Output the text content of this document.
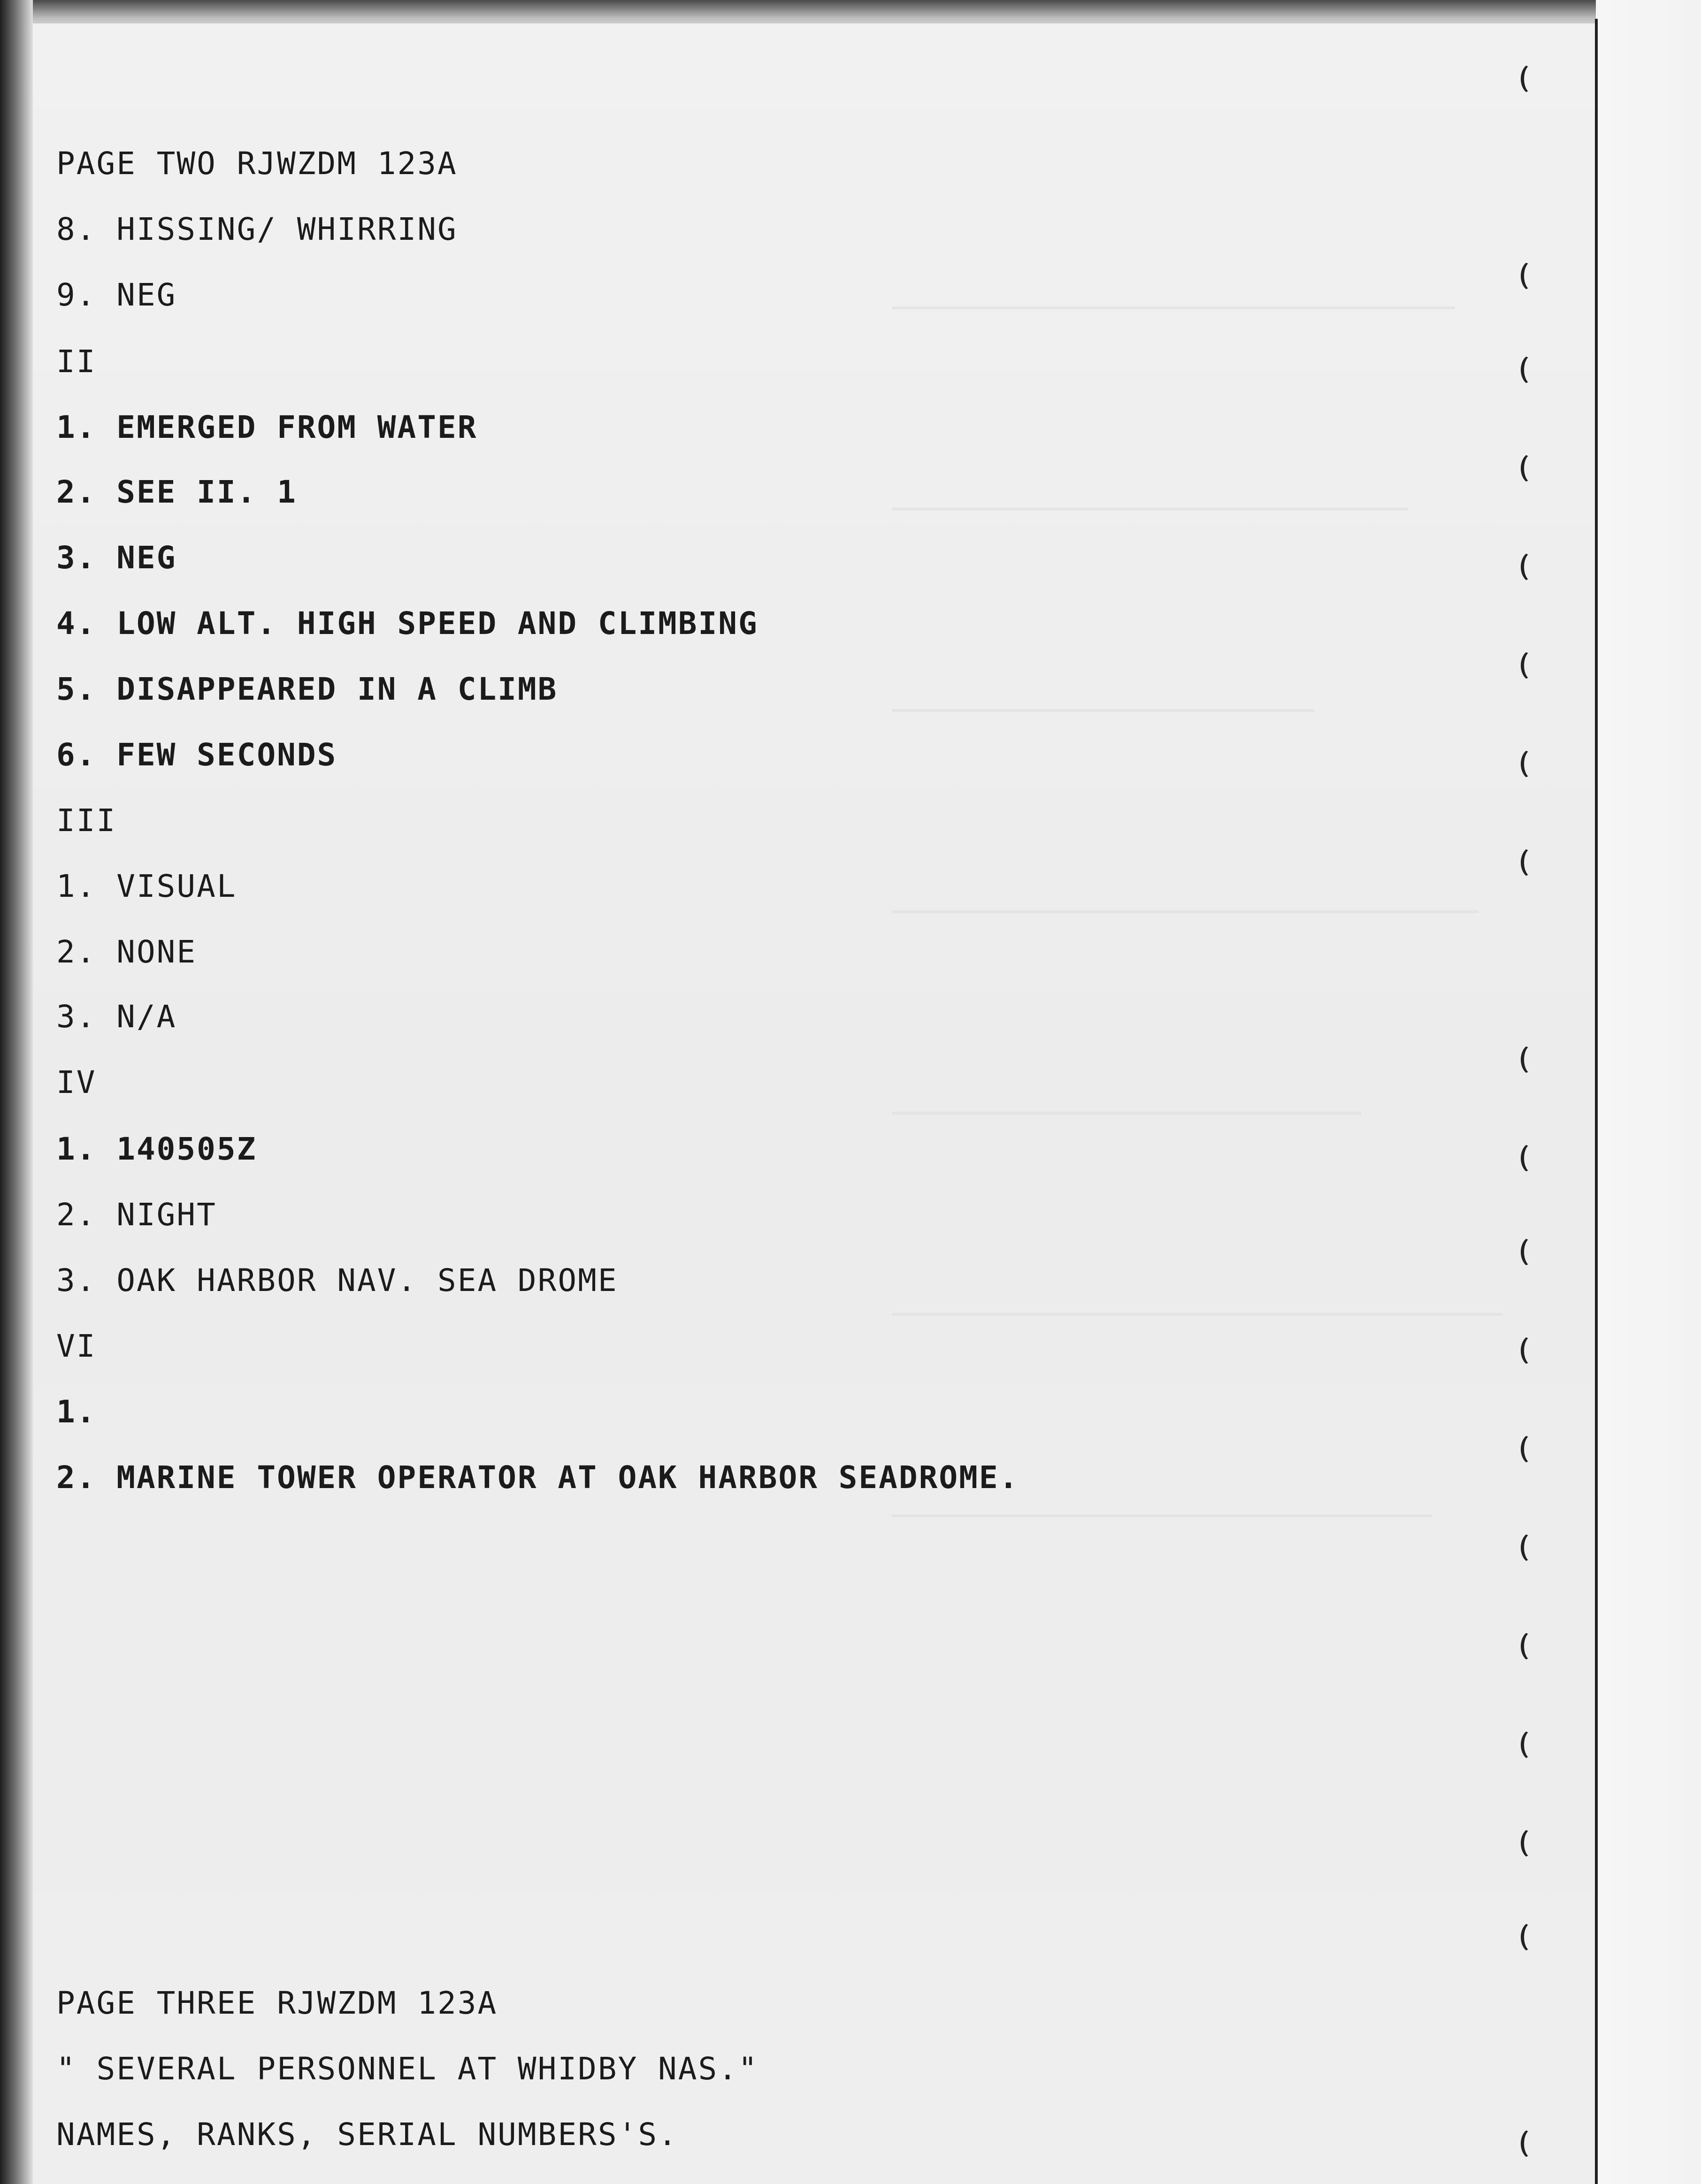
PAGE TWO RJWZDM 123A
8. HISSING/ WHIRRING
9. NEG
II
1. EMERGED FROM WATER
2. SEE II. 1
3. NEG
4. LOW ALT. HIGH SPEED AND CLIMBING
5. DISAPPEARED IN A CLIMB
6. FEW SECONDS
III
1. VISUAL
2. NONE
3. N/A
IV
1. 140505Z
2. NIGHT
3. OAK HARBOR NAV. SEA DROME
VI
1.
2. MARINE TOWER OPERATOR AT OAK HARBOR SEADROME.
PAGE THREE RJWZDM 123A
" SEVERAL PERSONNEL AT WHIDBY NAS."
NAMES, RANKS, SERIAL NUMBERS'S.
